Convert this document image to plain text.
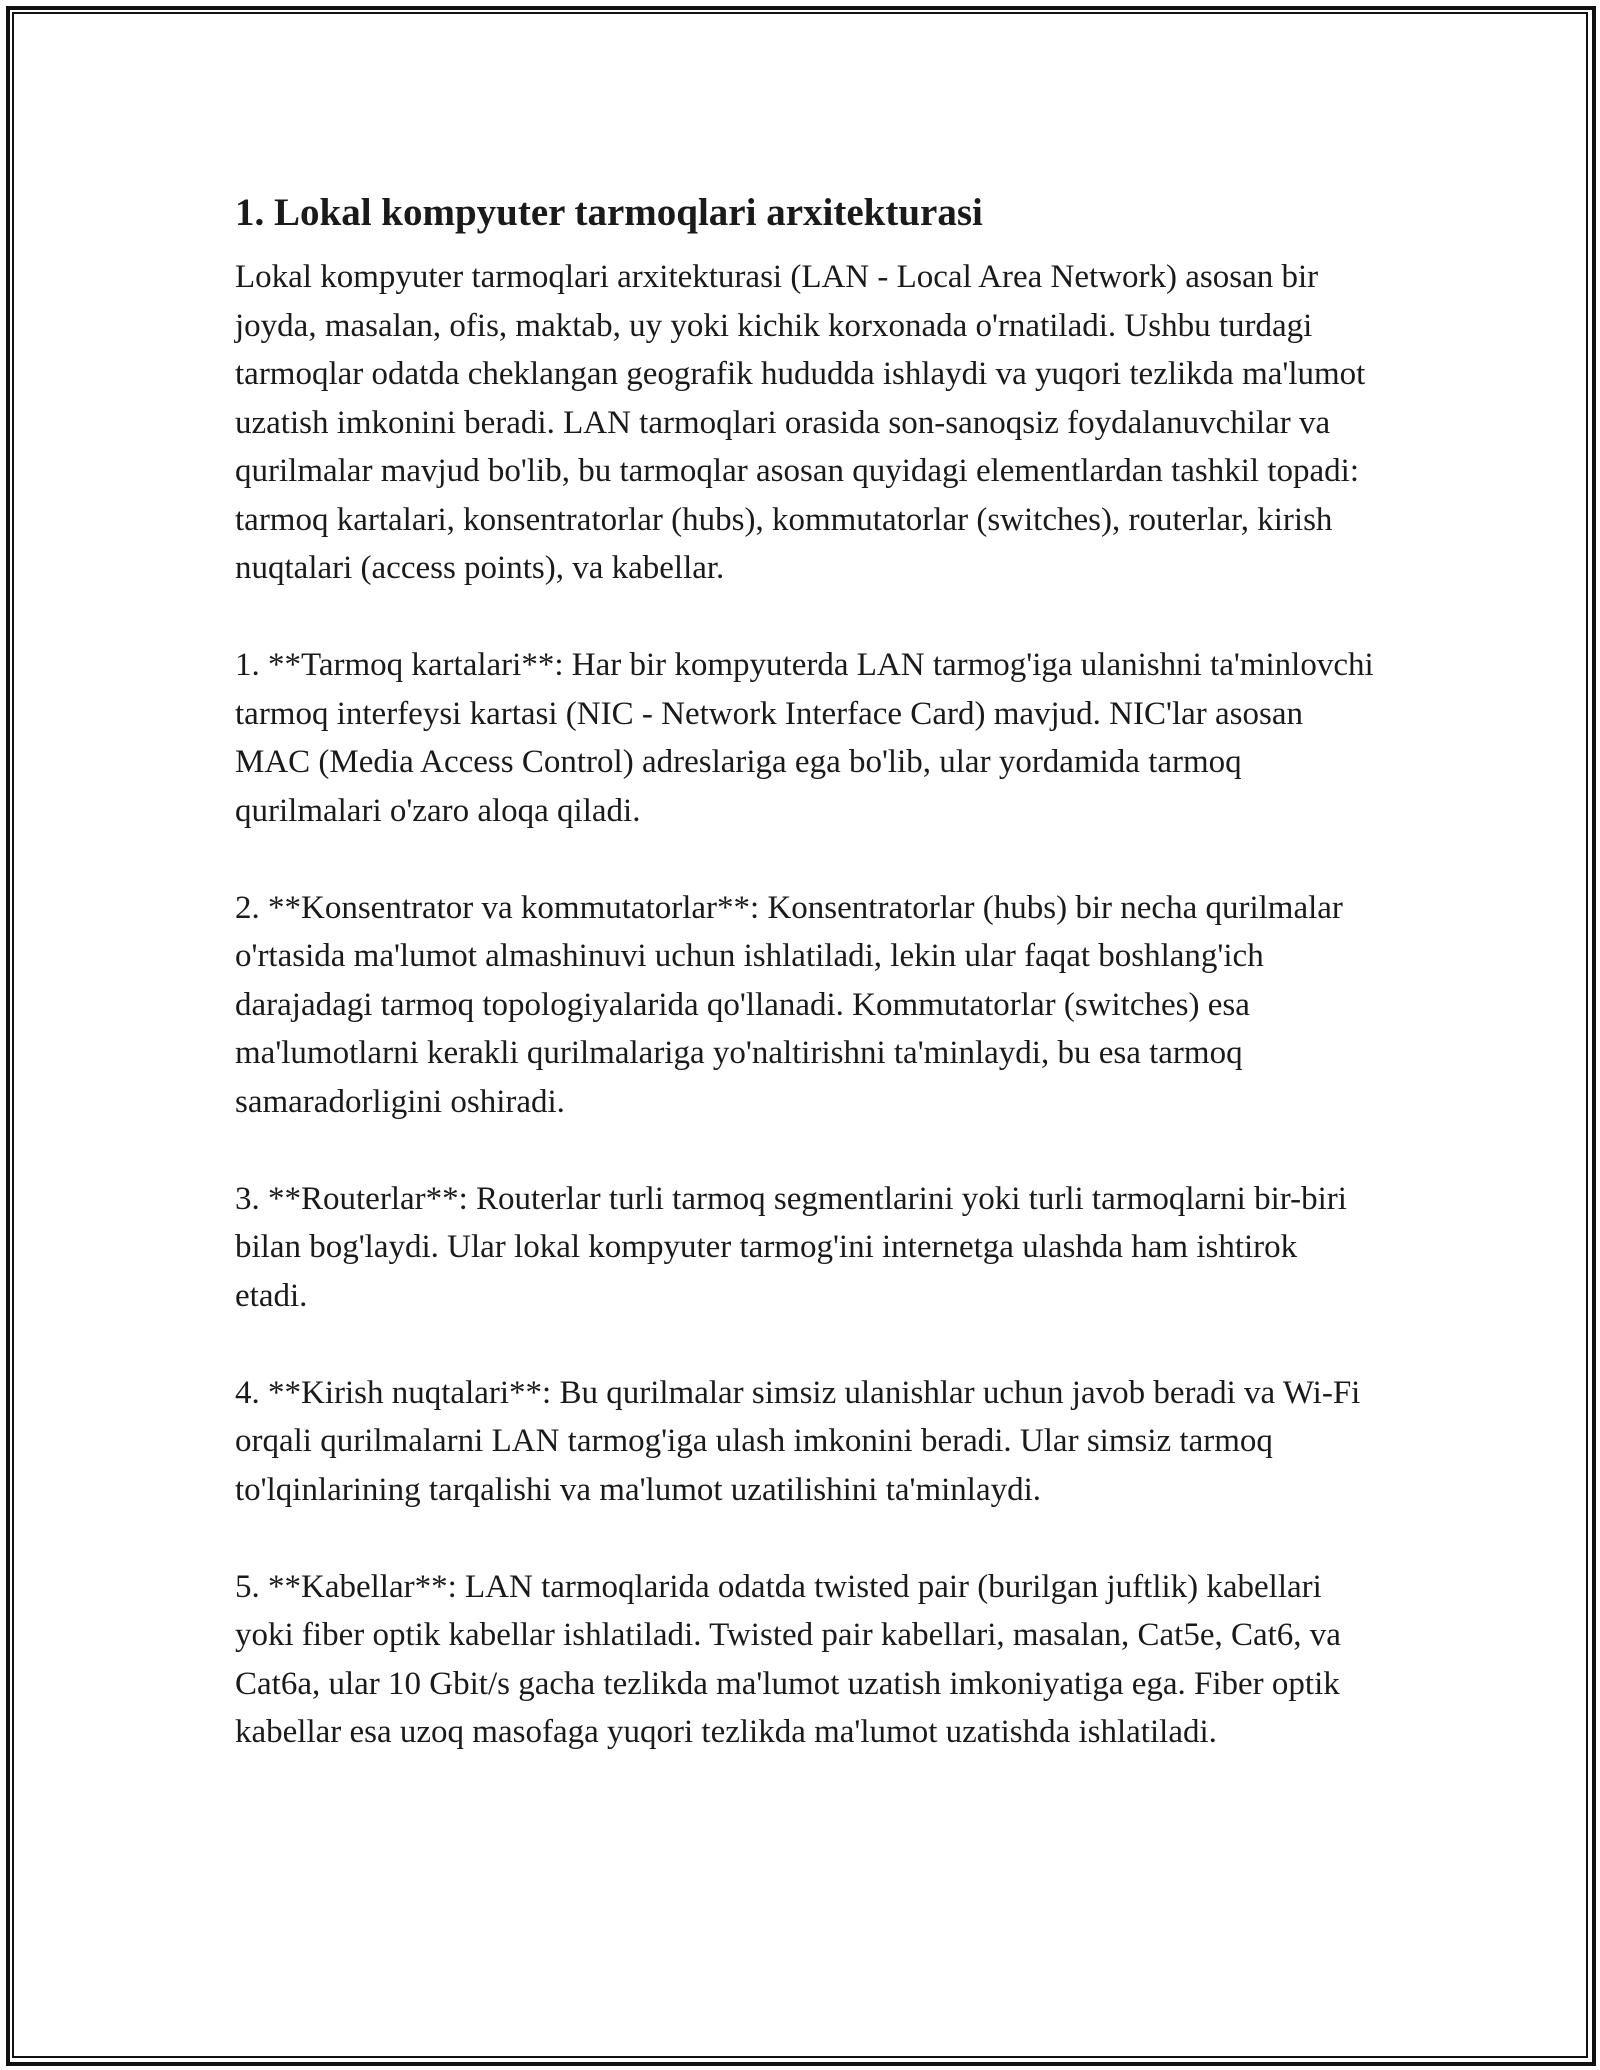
1. Lokal kompyuter tarmoqlari arxitekturasi

Lokal kompyuter tarmoqlari arxitekturasi (LAN - Local Area Network) asosan bir joyda, masalan, ofis, maktab, uy yoki kichik korxonada o'rnatiladi. Ushbu turdagi tarmoqlar odatda cheklangan geografik hududda ishlaydi va yuqori tezlikda ma'lumot uzatish imkonini beradi. LAN tarmoqlari orasida son-sanoqsiz foydalanuvchilar va qurilmalar mavjud bo'lib, bu tarmoqlar asosan quyidagi elementlardan tashkil topadi: tarmoq kartalari, konsentratorlar (hubs), kommutatorlar (switches), routerlar, kirish nuqtalari (access points), va kabellar.

1. **Tarmoq kartalari**: Har bir kompyuterda LAN tarmog'iga ulanishni ta'minlovchi tarmoq interfeysi kartasi (NIC - Network Interface Card) mavjud. NIC'lar asosan MAC (Media Access Control) adreslariga ega bo'lib, ular yordamida tarmoq qurilmalari o'zaro aloqa qiladi.

2. **Konsentrator va kommutatorlar**: Konsentratorlar (hubs) bir necha qurilmalar o'rtasida ma'lumot almashinuvi uchun ishlatiladi, lekin ular faqat boshlang'ich darajadagi tarmoq topologiyalarida qo'llanadi. Kommutatorlar (switches) esa ma'lumotlarni kerakli qurilmalariga yo'naltirishni ta'minlaydi, bu esa tarmoq samaradorligini oshiradi.

3. **Routerlar**: Routerlar turli tarmoq segmentlarini yoki turli tarmoqlarni bir-biri bilan bog'laydi. Ular lokal kompyuter tarmog'ini internetga ulashda ham ishtirok etadi.

4. **Kirish nuqtalari**: Bu qurilmalar simsiz ulanishlar uchun javob beradi va Wi-Fi orqali qurilmalarni LAN tarmog'iga ulash imkonini beradi. Ular simsiz tarmoq to'lqinlarining tarqalishi va ma'lumot uzatilishini ta'minlaydi.

5. **Kabellar**: LAN tarmoqlarida odatda twisted pair (burilgan juftlik) kabellari yoki fiber optik kabellar ishlatiladi. Twisted pair kabellari, masalan, Cat5e, Cat6, va Cat6a, ular 10 Gbit/s gacha tezlikda ma'lumot uzatish imkoniyatiga ega. Fiber optik kabellar esa uzoq masofaga yuqori tezlikda ma'lumot uzatishda ishlatiladi.
